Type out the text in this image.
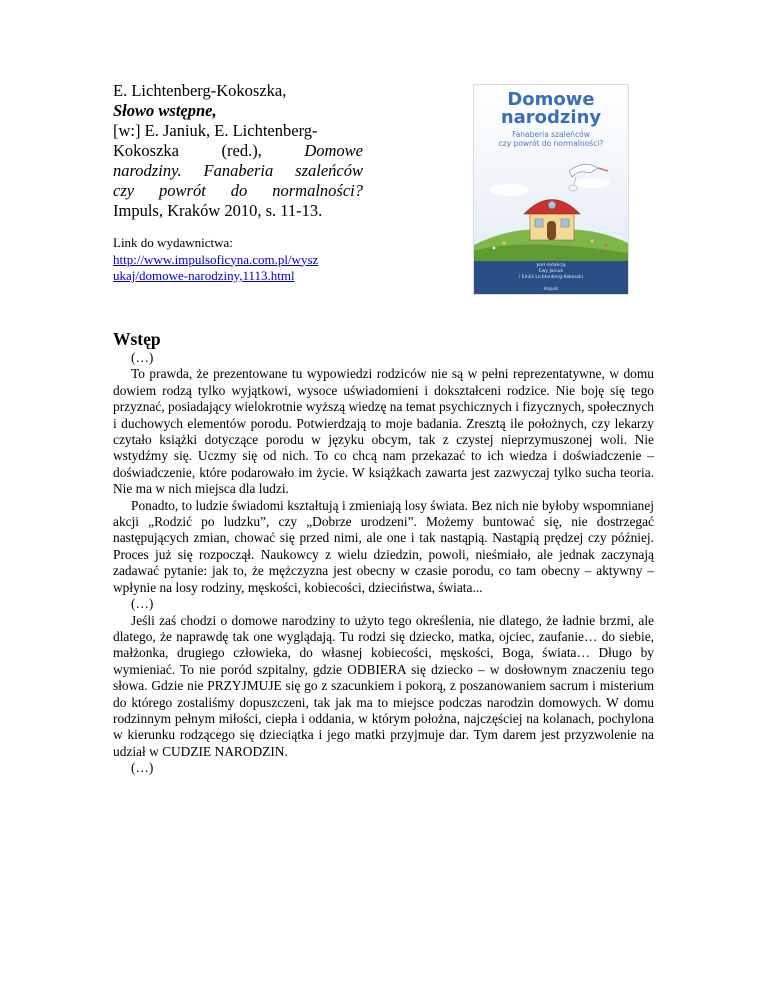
E. Lichtenberg-Kokoszka,
Słowo wstępne,
[w:] E. Janiuk, E. Lichtenberg-
Kokoszka	(red.),	Domowe
narodziny. Fanaberia szaleńców
czy powrót do normalności?
Impuls, Kraków 2010, s. 11-13.
Link do wydawnictwa:
http://www.impulsoficyna.com.pl/wysz
ukaj/domowe-narodziny,1113.html
Domowe
narodziny
Fanaberia szaleńców
czy powrót do normalności?
pod redakcją
Ewy Janiuk
i Emilii Lichtenberg-Kokoszki
Impuls
Wstęp

(…)

To prawda, że prezentowane tu wypowiedzi rodziców nie są w pełni reprezentatywne, w domu dowiem rodzą tylko wyjątkowi, wysoce uświadomieni i dokształceni rodzice. Nie boję się tego przyznać, posiadający wielokrotnie wyższą wiedzę na temat psychicznych i fizycznych, społecznych i duchowych elementów porodu. Potwierdzają to moje badania. Zresztą ile położnych, czy lekarzy czytało książki dotyczące porodu w języku obcym, tak z czystej nieprzymuszonej woli. Nie wstydźmy się. Uczmy się od nich. To co chcą nam przekazać to ich wiedza i doświadczenie – doświadczenie, które podarowało im życie. W książkach zawarta jest zazwyczaj tylko sucha teoria. Nie ma w nich miejsca dla ludzi.

Ponadto, to ludzie świadomi kształtują i zmieniają losy świata. Bez nich nie byłoby wspomnianej akcji „Rodzić po ludzku”, czy „Dobrze urodzeni”. Możemy buntować się, nie dostrzegać następujących zmian, chować się przed nimi, ale one i tak nastąpią. Nastąpią prędzej czy później. Proces już się rozpoczął. Naukowcy z wielu dziedzin, powoli, nieśmiało, ale jednak zaczynają zadawać pytanie: jak to, że mężczyzna jest obecny w czasie porodu, co tam obecny – aktywny – wpłynie na losy rodziny, męskości, kobiecości, dzieciństwa, świata...

(…)

Jeśli zaś chodzi o domowe narodziny to użyto tego określenia, nie dlatego, że ładnie brzmi, ale dlatego, że naprawdę tak one wyglądają. Tu rodzi się dziecko, matka, ojciec, zaufanie… do siebie, małżonka, drugiego człowieka, do własnej kobiecości, męskości, Boga, świata… Długo by wymieniać. To nie poród szpitalny, gdzie ODBIERA się dziecko – w dosłownym znaczeniu tego słowa. Gdzie nie PRZYJMUJE się go z szacunkiem i pokorą, z poszanowaniem sacrum i misterium do którego zostaliśmy dopuszczeni, tak jak ma to miejsce podczas narodzin domowych. W domu rodzinnym pełnym miłości, ciepła i oddania, w którym położna, najczęściej na kolanach, pochylona w kierunku rodzącego się dzieciątka i jego matki przyjmuje dar. Tym darem jest przyzwolenie na udział w CUDZIE NARODZIN.

(…)
